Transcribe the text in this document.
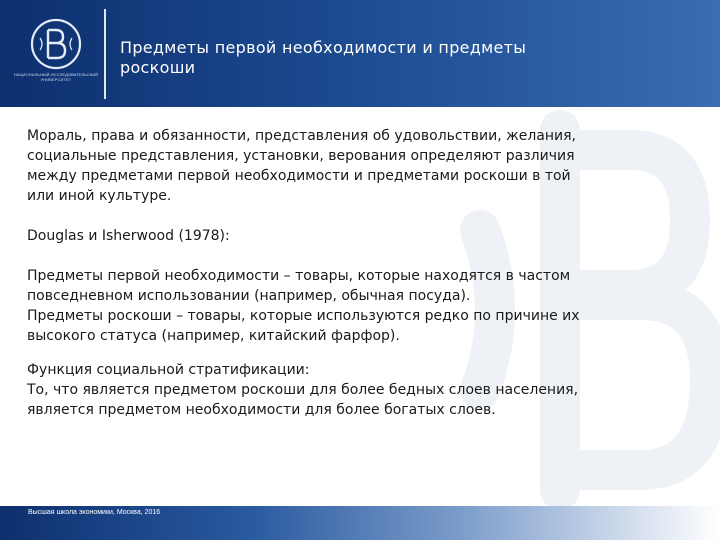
НАЦИОНАЛЬНЫЙ ИССЛЕДОВАТЕЛЬСКИЙ УНИВЕРСИТЕТ
Предметы первой необходимости и предметы
роскоши

Мораль, права и обязанности, представления об удовольствии, желания,
социальные представления, установки, верования определяют различия
между предметами первой необходимости и предметами роскоши в той
или иной культуре.

Douglas и Isherwood (1978):

Предметы первой необходимости – товары, которые находятся в частом
повседневном использовании (например, обычная посуда).
Предметы роскоши – товары, которые используются редко по причине их
высокого статуса (например, китайский фарфор).

Функция социальной стратификации:
То, что является предметом роскоши для более бедных слоев населения,
является предметом необходимости для более богатых слоев.

Высшая школа экономики, Москва, 2016
